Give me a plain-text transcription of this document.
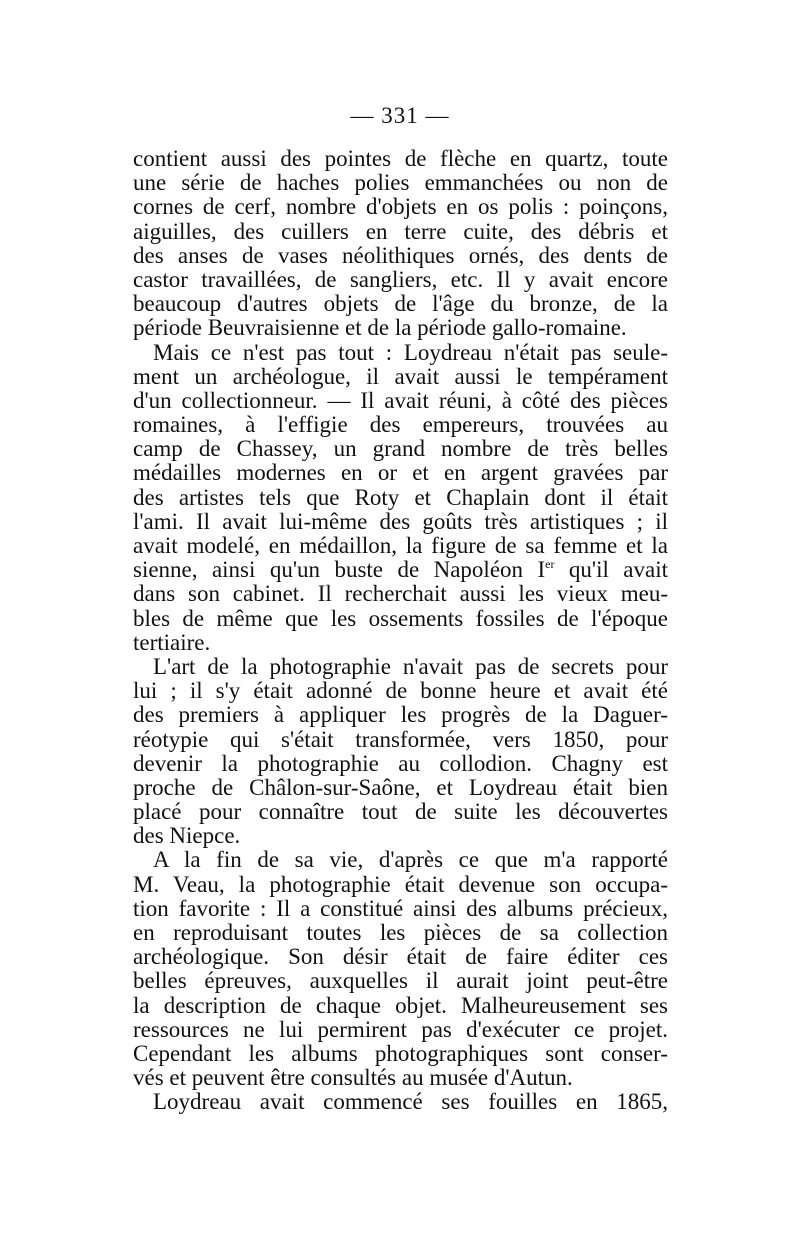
— 331 —
contient aussi des pointes de flèche en quartz, toute
une série de haches polies emmanchées ou non de
cornes de cerf, nombre d'objets en os polis : poinçons,
aiguilles, des cuillers en terre cuite, des débris et
des anses de vases néolithiques ornés, des dents de
castor travaillées, de sangliers, etc. Il y avait encore
beaucoup d'autres objets de l'âge du bronze, de la
période Beuvraisienne et de la période gallo-romaine.
Mais ce n'est pas tout : Loydreau n'était pas seule-
ment un archéologue, il avait aussi le tempérament
d'un collectionneur. — Il avait réuni, à côté des pièces
romaines, à l'effigie des empereurs, trouvées au
camp de Chassey, un grand nombre de très belles
médailles modernes en or et en argent gravées par
des artistes tels que Roty et Chaplain dont il était
l'ami. Il avait lui-même des goûts très artistiques ; il
avait modelé, en médaillon, la figure de sa femme et la
sienne, ainsi qu'un buste de Napoléon Ier qu'il avait
dans son cabinet. Il recherchait aussi les vieux meu-
bles de même que les ossements fossiles de l'époque
tertiaire.
L'art de la photographie n'avait pas de secrets pour
lui ; il s'y était adonné de bonne heure et avait été
des premiers à appliquer les progrès de la Daguer-
réotypie qui s'était transformée, vers 1850, pour
devenir la photographie au collodion. Chagny est
proche de Châlon-sur-Saône, et Loydreau était bien
placé pour connaître tout de suite les découvertes
des Niepce.
A la fin de sa vie, d'après ce que m'a rapporté
M. Veau, la photographie était devenue son occupa-
tion favorite : Il a constitué ainsi des albums précieux,
en reproduisant toutes les pièces de sa collection
archéologique. Son désir était de faire éditer ces
belles épreuves, auxquelles il aurait joint peut-être
la description de chaque objet. Malheureusement ses
ressources ne lui permirent pas d'exécuter ce projet.
Cependant les albums photographiques sont conser-
vés et peuvent être consultés au musée d'Autun.
Loydreau avait commencé ses fouilles en 1865,
